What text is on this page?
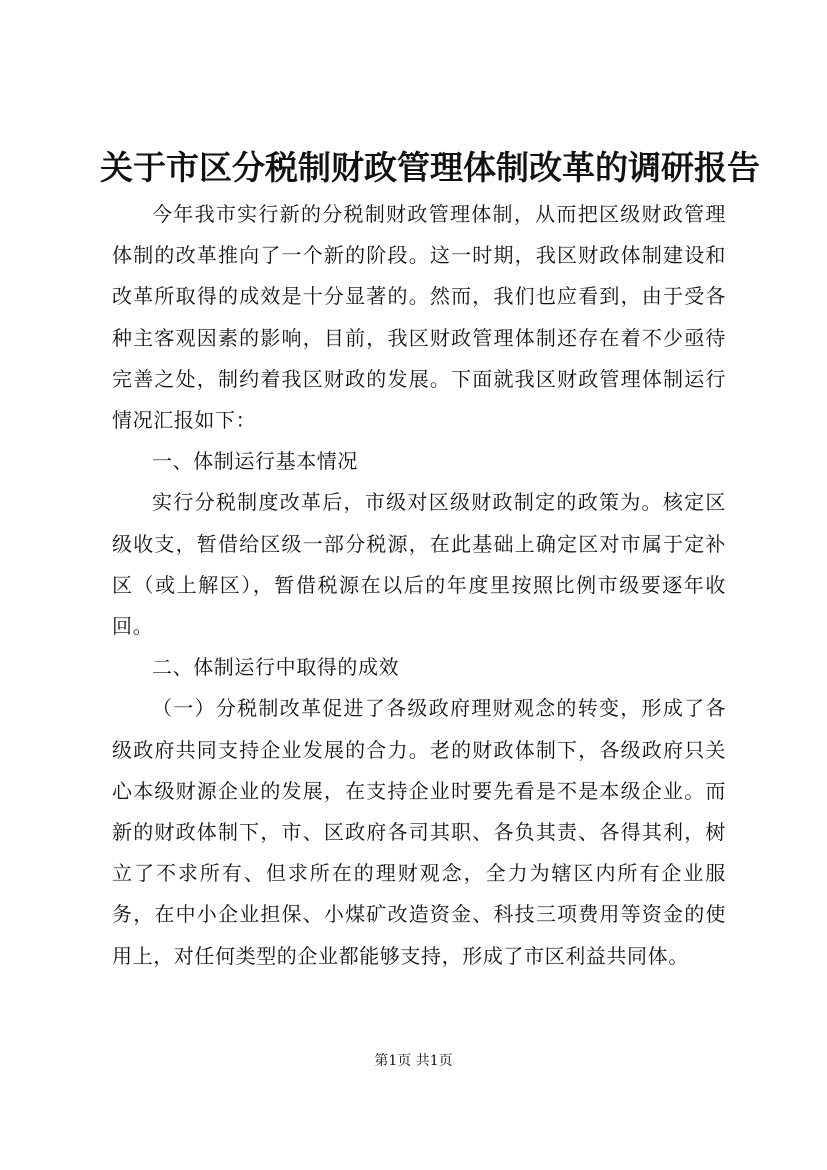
关于市区分税制财政管理体制改革的调研报告

今年我市实行新的分税制财政管理体制，从而把区级财政管理体制的改革推向了一个新的阶段。这一时期，我区财政体制建设和改革所取得的成效是十分显著的。然而，我们也应看到，由于受各种主客观因素的影响，目前，我区财政管理体制还存在着不少亟待完善之处，制约着我区财政的发展。下面就我区财政管理体制运行情况汇报如下：

一、体制运行基本情况

实行分税制度改革后，市级对区级财政制定的政策为。核定区级收支，暂借给区级一部分税源，在此基础上确定区对市属于定补区（或上解区），暂借税源在以后的年度里按照比例市级要逐年收回。

二、体制运行中取得的成效

（一）分税制改革促进了各级政府理财观念的转变，形成了各级政府共同支持企业发展的合力。老的财政体制下，各级政府只关心本级财源企业的发展，在支持企业时要先看是不是本级企业。而新的财政体制下，市、区政府各司其职、各负其责、各得其利，树立了不求所有、但求所在的理财观念，全力为辖区内所有企业服务，在中小企业担保、小煤矿改造资金、科技三项费用等资金的使用上，对任何类型的企业都能够支持，形成了市区利益共同体。

第1页 共1页
